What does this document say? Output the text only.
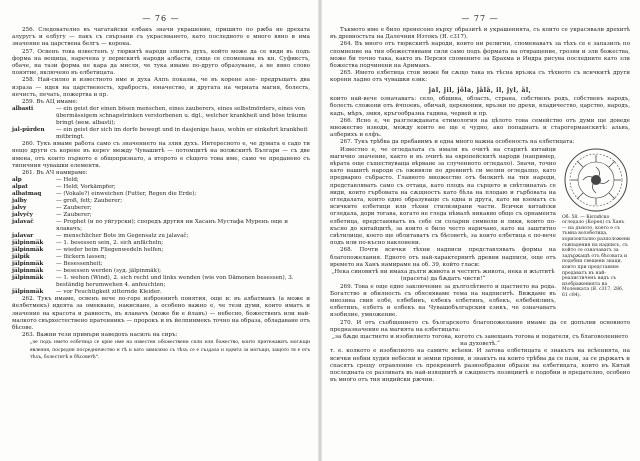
— 76 —

256. Следователно въ чагатайски елбакъ значи украшение, пришито по ржба не дрехата алуругъ и елбугу — пакъ съ свързани съ украсяването, като последното е много вяно и има значение на царствена белгъ — корона.

257. Освенъ това известенъ у тюркитѣ народи злиятъ духъ, който може да се види въ подъ форма на вещица, наречена у пермскитѣ народи албасти, сяще се споменава въ кн. Суфикстъ, обаче, на тази форма не кара да мисля, че тука имаме по-друго образуване, а не явно словo понятие, включено въ елбетицата.

258. Най-силно и известното име и духа Алпъ показва, че въ корене але- предръщатъ два израза — идея на царственость, храбрость, юначество, и другата на черната магия, болесть, нечисть, печать, пожертва и пр.

259. Въ АЦ имаме:

albasti	— ein geist der einen bösen menschen, eines zauberers, eines selbstmörders, eines von übermässigem schnapstrinken verstorbenen u. dgl., welcher krankheit und böse träume bringt (нем. albastі);
jal-pürden	— ein geist der sich im dorfe bewegt und in dasjenige haus, wohin er einkehrt krankheit mitbringt.

260. Тукъ имаме работа само съ значението на злия духъ. Интересното е, че думата е садо ти нещо други съ корене въ кереѵ между Чувашитѣ — потомцитѣ на волжскитѣ Българи — съ две имена, отъ които първото е общопризнато, а второто е сѣщото това име, само че преданено съ типичния чувашки елементи.

261. Въ АЧ намираме:

alp	— Held;
alpat	— Held; Vorkämpfer;
albatmaq	— (Vokale?) einweichen (Futter, Regen die Erde);
jalby	— groß, fett; Zauberer;
jalvy	— Zauberer;
jalvyčy	— Zauberer;
jalavač	— Prophet (и по уйгурски); споредъ другия ни Хасанъ Мустафа Муренъ още и ялавачъ;
jalavar	— menschlicher Bote im Gegensatz zu jalavač;
jälpinmäk	— 1. besessen sein, 2. sich anfächeln;
jälpinmäk	— wieder beim Fliegenwedeln helfen;
jälpik	— flickern lassen;
jälpinmäk	— Besessenheit;
jälpinmäk	— besessen werden (syд. jälpinmäk);
jälpinmäk	— 1. wehen (Wind), 2. sich recht und links wenden (wie von Dämonen besessen), 3. beständig herumwehen 4. anfeuchten;
jälpinmäk	— vor Feuchtigkeit zitternde Kleider.

262. Тукъ имаме, освенъ вече по-горе изброенитѣ понятия, още и: въ албатманъ (а може и йелбетмекъ) идеята за омекване, накисване, а особено важно е, че тези думи, които иматъ и значение на красота и равность, въ ялавачъ (може би е йлавъ) — небесно, божественъ или най-малкото свърхестествено пратенникъ — пророкъ и въ йелпинмекъ точно на образа, обладаване отъ бѣсове.

263. Важни тези примъри наведохъ насилъ на сиръ:

„че подъ името елбетица се крие име на известни обожествени сили или божество, които притежаватъ могѫщи явления, посредни посредничество и тѣ и като зависимо съ тѣхъ се е създала и идеята за могъщи, защото тя е отъ тѣхъ, болеститѣ и бѣсоветѣ“.

— 77 —

Тъкмото име е било пренесено върху образитѣ и украшенията, съ които се украсявали дрехитѣ въ древностьта на Далечния Изтокъ (Я. с317).

264. Въ много отъ тюркскитѣ народи, които ни религии, споменаватъ за тѣхъ се е запазилъ по спомнение на тия обожествявани сили само подъ формата на отвращение, грозни и зли божества, може би точно така, както въ Персия спомените за Браxма и Индра рисува последните като зли божества подчинени на Ариманъ.

265. Името елбетица стои може би сѫщо така въ тѣсна връзка съ тѣхното съ всичкитѣ други корени ладно отъ чувашки език:

jal, jil, jöla, jälä, il, jyl, äl,

които най-вече означаватъ: село, община, область, страна, собственъ родъ, собственъ народъ, болесть сложени отъ йчпоевъ, обичай, церемонии, връзки по дрехи, владичество, царство, народъ, кадъ, мѣръ, змия, кръгообразна гадина, червей и пр.

266. Ясно е, че разглежданата етимология на цѣлото това семейство отъ думи ще доведе множество изводи, между които не ще е чудно, ако попаднатъ и старогерманскитѣ: альвъ, алберихъ и елфъ.

267. Тукъ трѣбва да пребавимъ и една много важна особеность на елбетицата:

Известно е, че огледалата съ имали въ очитѣ на старитѣ китайци магично значение, както и въ очитѣ на европейскитѣ народи (например, вѣрата още съществуваща вѣрване за слученното огледало). Значи, точно като нашитѣ народи съ оживяли по древнитѣ си мелни огледалцо, като предварно събрасто. Главното множество отъ билкитѣ на тия народи, представляватъ само съ оттаца, като плодъ на сърцето и свѣтлинатаъ се види, които гърбовата на сѫщностъ като бѣла на плодаю и гърбовата на огледалата, които едно образуваще съ една и друга, като ни взематъ съ всичките елбетици или тѣхни стилизирани части. Всички китайски огледала, дори тогава, когато не гледа нѣмалѣ никакво общо съ орнамента елбетица, представяватъ въ себе си соларни символи и лики, които по-късно до китайцитѣ, за които е било често наричано, като на заштитно свѣтилище, което ще облитаватъ съ бѣсоветѣ, за които елбетица е по-вече подъ или по-късно наклонени.

268. Почти всички тѣхни надписи представлявать формы на благопожелания. Едното отъ най-характернитѣ древни надписи, още отъ времето на Ханъ намираме на об. 39, който гласи:

„Нека синовитѣ ни имаха дълги живота и честитъ живота, нека и жълтитѣ (прасета) да бѫдатъ чисти!“

269. Това е още едно заключение за дълголѣтието и щастието на рода. Богатство и обилность съ обясняваме тема на надписитѣ. Виждаме въ мнозина свия елбе, елбебинъ, елбекъ елбетинъ, елбекъ, елбебейлинъ, елбетинъ, елбетъ и елбекъ на Чувашобългарския езикъ, че означаватъ изобилие, умножение.

Об. 58. — Китайско огледало (Корея) съ Ханъ — на дъното, което е съ тъмна волобетица, хоризонтално разположени съвпадения на надписъ, съ който се означаватъ за задържащѣ отъ бѣсовата и подобни свещени знаци, които при представяне предаватъ въ най-реалистиченъ видъ съ изображенията на Моленката (Я. с317, 286, 61 с84).

270. И отъ съобщението съ българското благопожелание имаме да се допълни основното предназначение на магията на елбетицата:

„за бѫде щастието и изобилието тогова, когото съ завещанъ тогова и подателя, съ благоволението на духоветѣ.“

т. е. колкото е изобилното на самите всѣени. И затова елбетицата е знакътъ на всѣенията, на всички небни худия небесни и земни прояви, и знакътъ на които трѣбва да се пази, за се държатъ и спасятъ срещу отравление съ прекренитѣ разнообразни образи на елбетицата, които въ Китай последната се разливать въ най-изящнитѣ и сѫщностъ позициитѣ е подобни и предателно, особено въ много отъ тия индийски ржчни.
